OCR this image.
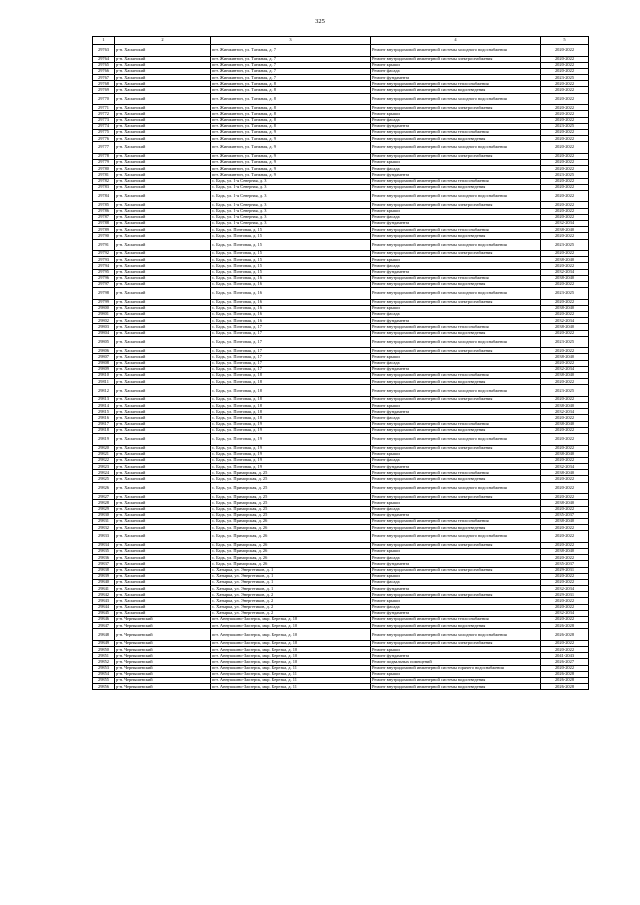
325
1	2	3	4	5
29763	р-н. Хасынский	пгт. Жинжинтон, ул. Таежная, д. 7	Ремонт внутридомовой инженерной системы холодного водоснабжения	2020-2022
29764	р-н. Хасынский	пгт. Жинжинтон, ул. Таежная, д. 7	Ремонт внутридомовой инженерной системы электроснабжения	2020-2022
29765	р-н. Хасынский	пгт. Жинжинтон, ул. Таежная, д. 7	Ремонт крыши	2020-2022
29766	р-н. Хасынский	пгт. Жинжинтон, ул. Таежная, д. 7	Ремонт фасада	2020-2022
29767	р-н. Хасынский	пгт. Жинжинтон, ул. Таежная, д. 7	Ремонт фундамента	2023-2025
29768	р-н. Хасынский	пгт. Жинжинтон, ул. Таежная, д. 8	Ремонт внутридомовой инженерной системы теплоснабжения	2020-2022
29769	р-н. Хасынский	пгт. Жинжинтон, ул. Таежная, д. 8	Ремонт внутридомовой инженерной системы водоотведения	2020-2022
29770	р-н. Хасынский	пгт. Жинжинтон, ул. Таежная, д. 8	Ремонт внутридомовой инженерной системы холодного водоснабжения	2020-2022
29771	р-н. Хасынский	пгт. Жинжинтон, ул. Таежная, д. 8	Ремонт внутридомовой инженерной системы электроснабжения	2020-2022
29772	р-н. Хасынский	пгт. Жинжинтон, ул. Таежная, д. 8	Ремонт крыши	2020-2022
29773	р-н. Хасынский	пгт. Жинжинтон, ул. Таежная, д. 8	Ремонт фасада	2020-2022
29774	р-н. Хасынский	пгт. Жинжинтон, ул. Таежная, д. 8	Ремонт фундамента	2023-2025
29775	р-н. Хасынский	пгт. Жинжинтон, ул. Таежная, д. 9	Ремонт внутридомовой инженерной системы теплоснабжения	2020-2022
29776	р-н. Хасынский	пгт. Жинжинтон, ул. Таежная, д. 9	Ремонт внутридомовой инженерной системы водоотведения	2020-2022
29777	р-н. Хасынский	пгт. Жинжинтон, ул. Таежная, д. 9	Ремонт внутридомовой инженерной системы холодного водоснабжения	2020-2022
29778	р-н. Хасынский	пгт. Жинжинтон, ул. Таежная, д. 9	Ремонт внутридомовой инженерной системы электроснабжения	2020-2022
29779	р-н. Хасынский	пгт. Жинжинтон, ул. Таежная, д. 9	Ремонт крыши	2020-2022
29780	р-н. Хасынский	пгт. Жинжинтон, ул. Таежная, д. 9	Ремонт фасада	2020-2022
29781	р-н. Хасынский	пгт. Жинжинтон, ул. Таежная, д. 9	Ремонт фундамента	2023-2025
29782	р-н. Хасынский	с. Бадь, ул. 1-я Северная, д. 3	Ремонт внутридомовой инженерной системы теплоснабжения	2020-2022
29783	р-н. Хасынский	с. Бадь, ул. 1-я Северная, д. 3	Ремонт внутридомовой инженерной системы водоотведения	2020-2022
29784	р-н. Хасынский	с. Бадь, ул. 1-я Северная, д. 3	Ремонт внутридомовой инженерной системы холодного водоснабжения	2020-2022
29785	р-н. Хасынский	с. Бадь, ул. 1-я Северная, д. 3	Ремонт внутридомовой инженерной системы электроснабжения	2020-2022
29786	р-н. Хасынский	с. Бадь, ул. 1-я Северная, д. 3	Ремонт крыши	2020-2022
29787	р-н. Хасынский	с. Бадь, ул. 1-я Северная, д. 3	Ремонт фасада	2020-2022
29788	р-н. Хасынский	с. Бадь, ул. 1-я Северная, д. 3	Ремонт фундамента	2032-2034
29789	р-н. Хасынский	с. Бадь, ул. Почтовая, д. 15	Ремонт внутридомовой инженерной системы теплоснабжения	2038-2040
29790	р-н. Хасынский	с. Бадь, ул. Почтовая, д. 15	Ремонт внутридомовой инженерной системы водоотведения	2020-2022
29791	р-н. Хасынский	с. Бадь, ул. Почтовая, д. 15	Ремонт внутридомовой инженерной системы холодного водоснабжения	2023-2025
29792	р-н. Хасынский	с. Бадь, ул. Почтовая, д. 15	Ремонт внутридомовой инженерной системы электроснабжения	2020-2022
29793	р-н. Хасынский	с. Бадь, ул. Почтовая, д. 15	Ремонт крыши	2038-2040
29794	р-н. Хасынский	с. Бадь, ул. Почтовая, д. 15	Ремонт фасада	2020-2022
29795	р-н. Хасынский	с. Бадь, ул. Почтовая, д. 15	Ремонт фундамента	2032-2034
29796	р-н. Хасынский	с. Бадь, ул. Почтовая, д. 16	Ремонт внутридомовой инженерной системы теплоснабжения	2038-2040
29797	р-н. Хасынский	с. Бадь, ул. Почтовая, д. 16	Ремонт внутридомовой инженерной системы водоотведения	2020-2022
29798	р-н. Хасынский	с. Бадь, ул. Почтовая, д. 16	Ремонт внутридомовой инженерной системы холодного водоснабжения	2023-2025
29799	р-н. Хасынский	с. Бадь, ул. Почтовая, д. 16	Ремонт внутридомовой инженерной системы электроснабжения	2020-2022
29800	р-н. Хасынский	с. Бадь, ул. Почтовая, д. 16	Ремонт крыши	2038-2040
29801	р-н. Хасынский	с. Бадь, ул. Почтовая, д. 16	Ремонт фасада	2020-2022
29802	р-н. Хасынский	с. Бадь, ул. Почтовая, д. 16	Ремонт фундамента	2032-2034
29803	р-н. Хасынский	с. Бадь, ул. Почтовая, д. 17	Ремонт внутридомовой инженерной системы теплоснабжения	2038-2040
29804	р-н. Хасынский	с. Бадь, ул. Почтовая, д. 17	Ремонт внутридомовой инженерной системы водоотведения	2020-2022
29805	р-н. Хасынский	с. Бадь, ул. Почтовая, д. 17	Ремонт внутридомовой инженерной системы холодного водоснабжения	2023-2025
29806	р-н. Хасынский	с. Бадь, ул. Почтовая, д. 17	Ремонт внутридомовой инженерной системы электроснабжения	2020-2022
29807	р-н. Хасынский	с. Бадь, ул. Почтовая, д. 17	Ремонт крыши	2038-2040
29808	р-н. Хасынский	с. Бадь, ул. Почтовая, д. 17	Ремонт фасада	2020-2022
29809	р-н. Хасынский	с. Бадь, ул. Почтовая, д. 17	Ремонт фундамента	2032-2034
29810	р-н. Хасынский	с. Бадь, ул. Почтовая, д. 18	Ремонт внутридомовой инженерной системы теплоснабжения	2038-2040
29811	р-н. Хасынский	с. Бадь, ул. Почтовая, д. 18	Ремонт внутридомовой инженерной системы водоотведения	2020-2022
29812	р-н. Хасынский	с. Бадь, ул. Почтовая, д. 18	Ремонт внутридомовой инженерной системы холодного водоснабжения	2023-2025
29813	р-н. Хасынский	с. Бадь, ул. Почтовая, д. 18	Ремонт внутридомовой инженерной системы электроснабжения	2020-2022
29814	р-н. Хасынский	с. Бадь, ул. Почтовая, д. 18	Ремонт крыши	2038-2040
29815	р-н. Хасынский	с. Бадь, ул. Почтовая, д. 18	Ремонт фундамента	2032-2034
29816	р-н. Хасынский	с. Бадь, ул. Почтовая, д. 18	Ремонт фасада	2020-2022
29817	р-н. Хасынский	с. Бадь, ул. Почтовая, д. 19	Ремонт внутридомовой инженерной системы теплоснабжения	2038-2040
29818	р-н. Хасынский	с. Бадь, ул. Почтовая, д. 19	Ремонт внутридомовой инженерной системы водоотведения	2020-2022
29819	р-н. Хасынский	с. Бадь, ул. Почтовая, д. 19	Ремонт внутридомовой инженерной системы холодного водоснабжения	2020-2022
29820	р-н. Хасынский	с. Бадь, ул. Почтовая, д. 19	Ремонт внутридомовой инженерной системы электроснабжения	2020-2022
29821	р-н. Хасынский	с. Бадь, ул. Почтовая, д. 19	Ремонт крыши	2038-2040
29822	р-н. Хасынский	с. Бадь, ул. Почтовая, д. 19	Ремонт фасада	2020-2022
29823	р-н. Хасынский	с. Бадь, ул. Почтовая, д. 19	Ремонт фундамента	2032-2034
29824	р-н. Хасынский	с. Бадь, ул. Приморская, д. 25	Ремонт внутридомовой инженерной системы теплоснабжения	2038-2040
29825	р-н. Хасынский	с. Бадь, ул. Приморская, д. 25	Ремонт внутридомовой инженерной системы водоотведения	2020-2022
29826	р-н. Хасынский	с. Бадь, ул. Приморская, д. 25	Ремонт внутридомовой инженерной системы холодного водоснабжения	2020-2022
29827	р-н. Хасынский	с. Бадь, ул. Приморская, д. 25	Ремонт внутридомовой инженерной системы электроснабжения	2020-2022
29828	р-н. Хасынский	с. Бадь, ул. Приморская, д. 25	Ремонт крыши	2038-2040
29829	р-н. Хасынский	с. Бадь, ул. Приморская, д. 25	Ремонт фасада	2020-2022
29830	р-н. Хасынский	с. Бадь, ул. Приморская, д. 25	Ремонт фундамента	2035-2037
29831	р-н. Хасынский	с. Бадь, ул. Приморская, д. 26	Ремонт внутридомовой инженерной системы теплоснабжения	2038-2040
29832	р-н. Хасынский	с. Бадь, ул. Приморская, д. 26	Ремонт внутридомовой инженерной системы водоотведения	2020-2022
29833	р-н. Хасынский	с. Бадь, ул. Приморская, д. 26	Ремонт внутридомовой инженерной системы холодного водоснабжения	2020-2022
29834	р-н. Хасынский	с. Бадь, ул. Приморская, д. 26	Ремонт внутридомовой инженерной системы электроснабжения	2020-2022
29835	р-н. Хасынский	с. Бадь, ул. Приморская, д. 26	Ремонт крыши	2038-2040
29836	р-н. Хасынский	с. Бадь, ул. Приморская, д. 26	Ремонт фасада	2020-2022
29837	р-н. Хасынский	с. Бадь, ул. Приморская, д. 26	Ремонт фундамента	2035-2037
29838	р-н. Хасынский	с. Хатырка, ул. Энергетиков, д. 1	Ремонт внутридомовой инженерной системы электроснабжения	2029-2031
29839	р-н. Хасынский	с. Хатырка, ул. Энергетиков, д. 1	Ремонт крыши	2020-2022
29840	р-н. Хасынский	с. Хатырка, ул. Энергетиков, д. 1	Ремонт фасада	2020-2022
29841	р-н. Хасынский	с. Хатырка, ул. Энергетиков, д. 1	Ремонт фундамента	2032-2034
29842	р-н. Хасынский	с. Хатырка, ул. Энергетиков, д. 2	Ремонт внутридомовой инженерной системы электроснабжения	2029-2031
29843	р-н. Хасынский	с. Хатырка, ул. Энергетиков, д. 2	Ремонт крыши	2020-2022
29844	р-н. Хасынский	с. Хатырка, ул. Энергетиков, д. 2	Ремонт фасада	2020-2022
29845	р-н. Хасынский	с. Хатырка, ул. Энергетиков, д. 2	Ремонт фундамента	2032-2034
29846	р-н. Чернышевский	пгт. Аннушкино-Заозерск, мкр. Березка, д. 10	Ремонт внутридомовой инженерной системы теплоснабжения	2020-2022
29847	р-н. Чернышевский	пгт. Аннушкино-Заозерск, мкр. Березка, д. 10	Ремонт внутридомовой инженерной системы водоотведения	2026-2028
29848	р-н. Чернышевский	пгт. Аннушкино-Заозерск, мкр. Березка, д. 10	Ремонт внутридомовой инженерной системы холодного водоснабжения	2026-2028
29849	р-н. Чернышевский	пгт. Аннушкино-Заозерск, мкр. Березка, д. 10	Ремонт внутридомовой инженерной системы электроснабжения	2020-2022
29850	р-н. Чернышевский	пгт. Аннушкино-Заозерск, мкр. Березка, д. 10	Ремонт крыши	2020-2022
29851	р-н. Чернышевский	пгт. Аннушкино-Заозерск, мкр. Березка, д. 10	Ремонт фундамента	2041-2043
29852	р-н. Чернышевский	пгт. Аннушкино-Заозерск, мкр. Березка, д. 10	Ремонт подвальных помещений	2026-2027
29853	р-н. Чернышевский	пгт. Аннушкино-Заозерск, мкр. Березка, д. 11	Ремонт внутридомовой инженерной системы горячего водоснабжения	2020-2022
29854	р-н. Чернышевский	пгт. Аннушкино-Заозерск, мкр. Березка, д. 11	Ремонт крыши	2026-2028
29855	р-н. Чернышевский	пгт. Аннушкино-Заозерск, мкр. Березка, д. 11	Ремонт внутридомовой инженерной системы водоотведения	2026-2028
29856	р-н. Чернышевский	пгт. Аннушкино-Заозерск, мкр. Березка, д. 11	Ремонт внутридомовой инженерной системы водоотведения	2026-2028
